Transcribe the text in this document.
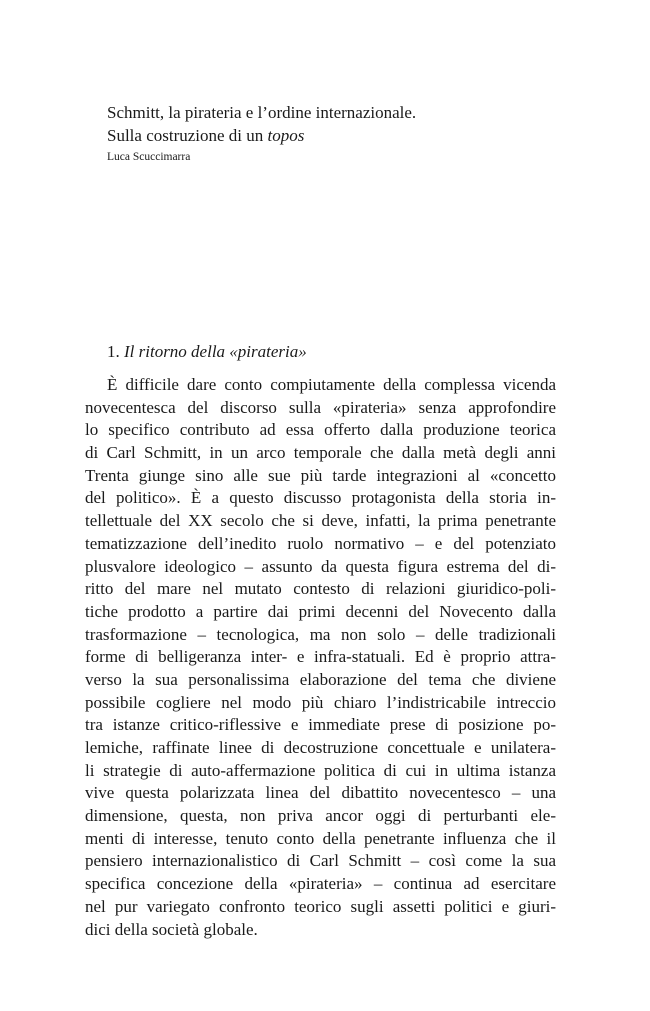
Schmitt, la pirateria e l’ordine internazionale.

Sulla costruzione di un topos

Luca Scuccimarra
1. Il ritorno della «pirateria»
È difficile dare conto compiutamente della complessa vicenda
novecentesca del discorso sulla «pirateria» senza approfondire
lo specifico contributo ad essa offerto dalla produzione teorica
di Carl Schmitt, in un arco temporale che dalla metà degli anni
Trenta giunge sino alle sue più tarde integrazioni al «concetto
del politico». È a questo discusso protagonista della storia in-
tellettuale del XX secolo che si deve, infatti, la prima penetrante
tematizzazione dell’inedito ruolo normativo – e del potenziato
plusvalore ideologico – assunto da questa figura estrema del di-
ritto del mare nel mutato contesto di relazioni giuridico-poli-
tiche prodotto a partire dai primi decenni del Novecento dalla
trasformazione – tecnologica, ma non solo – delle tradizionali
forme di belligeranza inter- e infra-statuali. Ed è proprio attra-
verso la sua personalissima elaborazione del tema che diviene
possibile cogliere nel modo più chiaro l’indistricabile intreccio
tra istanze critico-riflessive e immediate prese di posizione po-
lemiche, raffinate linee di decostruzione concettuale e unilatera-
li strategie di auto-affermazione politica di cui in ultima istanza
vive questa polarizzata linea del dibattito novecentesco – una
dimensione, questa, non priva ancor oggi di perturbanti ele-
menti di interesse, tenuto conto della penetrante influenza che il
pensiero internazionalistico di Carl Schmitt – così come la sua
specifica concezione della «pirateria» – continua ad esercitare
nel pur variegato confronto teorico sugli assetti politici e giuri-
dici della società globale.
